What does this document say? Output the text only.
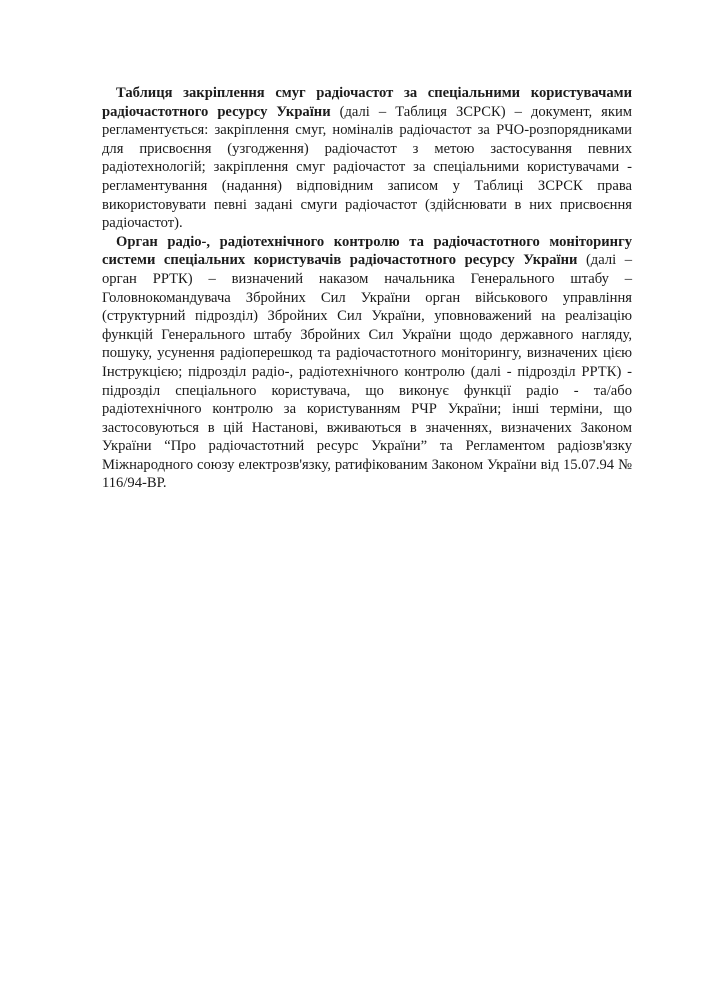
Таблиця закріплення смуг радіочастот за спеціальними користувачами радіочастотного ресурсу України (далі – Таблиця ЗСРСК) – документ, яким регламентується: закріплення смуг, номіналів радіочастот за РЧО-розпорядниками для присвоєння (узгодження) радіочастот з метою застосування певних радіотехнологій; закріплення смуг радіочастот за спеціальними користувачами - регламентування (надання) відповідним записом у Таблиці ЗСРСК права використовувати певні задані смуги радіочастот (здійснювати в них присвоєння радіочастот).

Орган радіо-, радіотехнічного контролю та радіочастотного моніторингу системи спеціальних користувачів радіочастотного ресурсу України (далі – орган РРТК) – визначений наказом начальника Генерального штабу – Головнокомандувача Збройних Сил України орган військового управління (структурний підрозділ) Збройних Сил України, уповноважений на реалізацію функцій Генерального штабу Збройних Сил України щодо державного нагляду, пошуку, усунення радіоперешкод та радіочастотного моніторингу, визначених цією Інструкцією; підрозділ радіо-, радіотехнічного контролю (далі - підрозділ РРТК) - підрозділ спеціального користувача, що виконує функції радіо - та/або радіотехнічного контролю за користуванням РЧР України; інші терміни, що застосовуються в цій Настанові, вживаються в значеннях, визначених Законом України “Про радіочастотний ресурс України” та Регламентом радіозв'язку Міжнародного союзу електрозв'язку, ратифікованим Законом України від 15.07.94 № 116/94-ВР.
